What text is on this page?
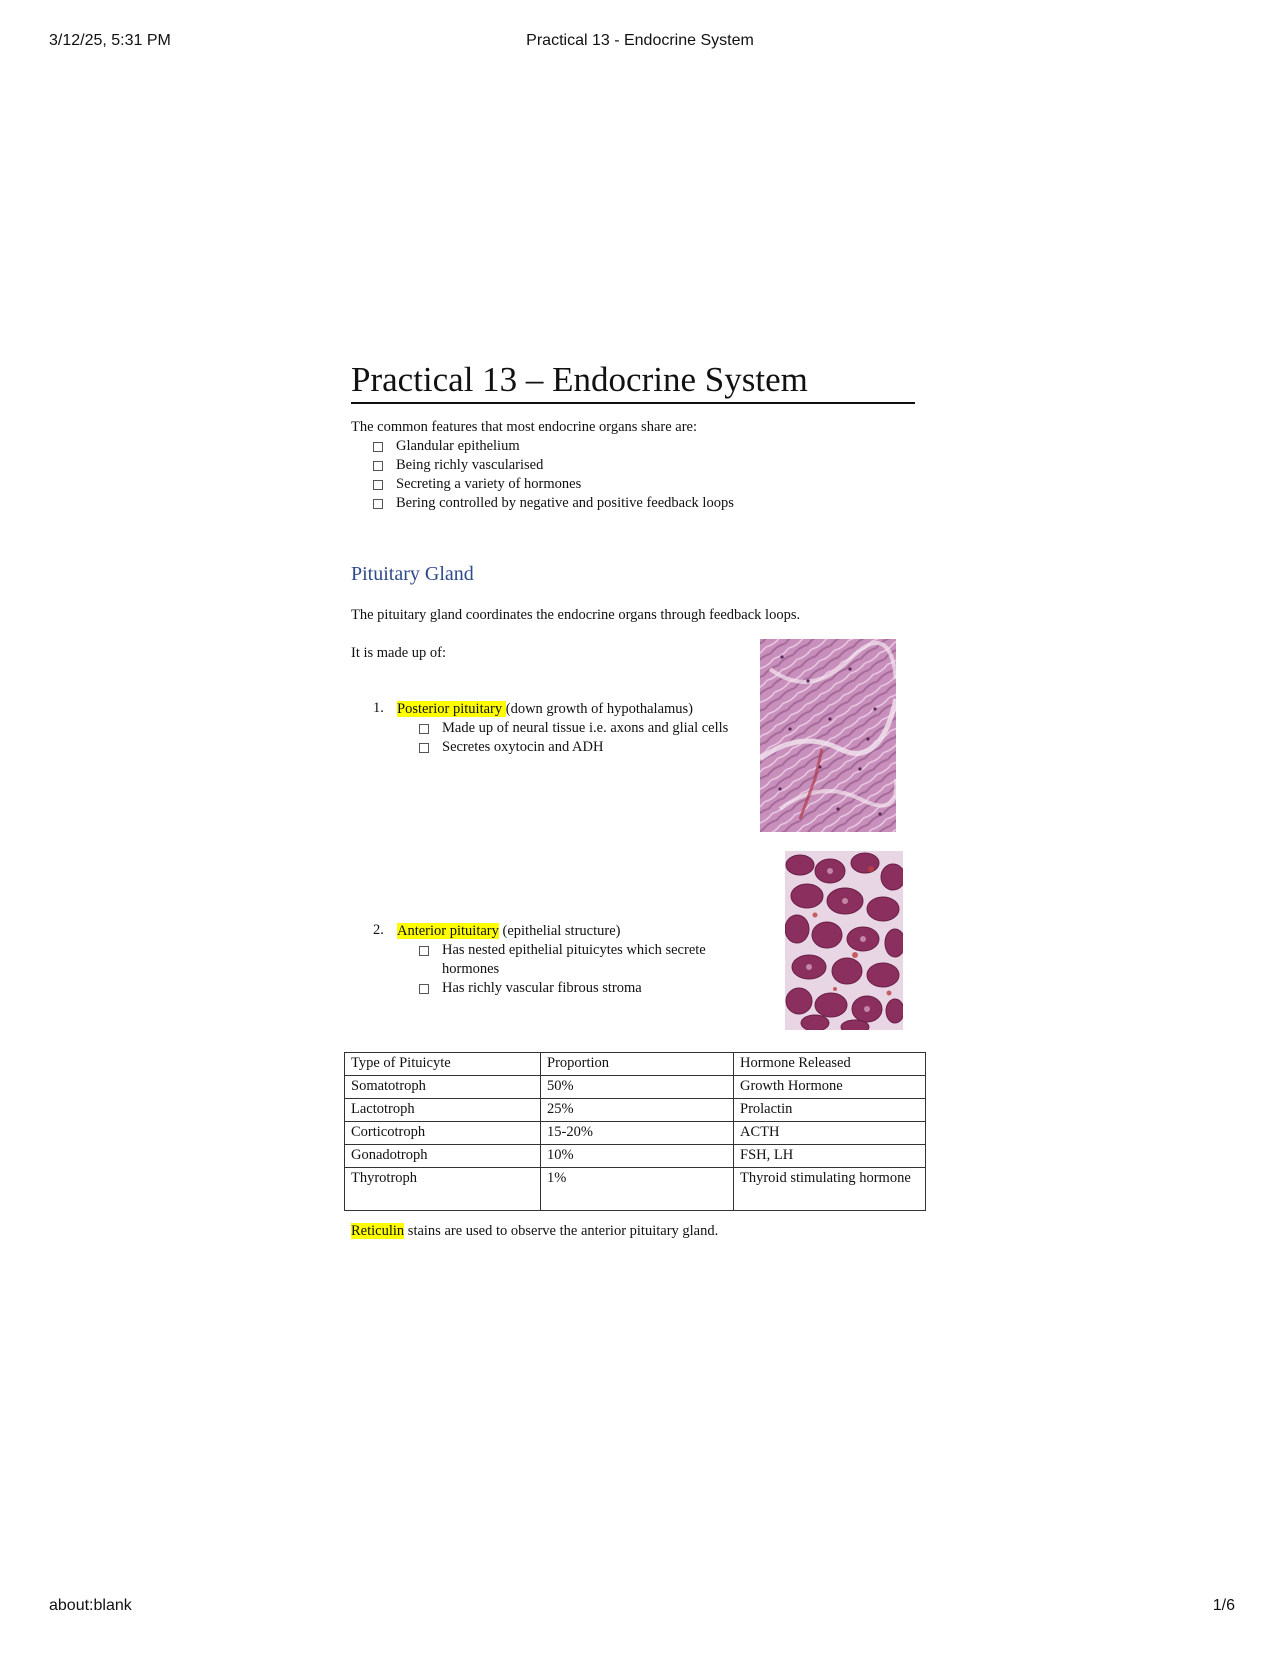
3/12/25, 5:31 PM	Practical 13 - Endocrine System
about:blank	1/6
Practical 13 – Endocrine System
The common features that most endocrine organs share are:
Glandular epithelium
Being richly vascularised
Secreting a variety of hormones
Bering controlled by negative and positive feedback loops
Pituitary Gland
The pituitary gland coordinates the endocrine organs through feedback loops.
It is made up of:
1. Posterior pituitary (down growth of hypothalamus)
Made up of neural tissue i.e. axons and glial cells
Secretes oxytocin and ADH
2. Anterior pituitary (epithelial structure)
Has nested epithelial pituicytes which secrete hormones
Has richly vascular fibrous stroma
Type of Pituicyte	Proportion	Hormone Released
Somatotroph	50%	Growth Hormone
Lactotroph	25%	Prolactin
Corticotroph	15-20%	ACTH
Gonadotroph	10%	FSH, LH
Thyrotroph	1%	Thyroid stimulating hormone
Reticulin stains are used to observe the anterior pituitary gland.
